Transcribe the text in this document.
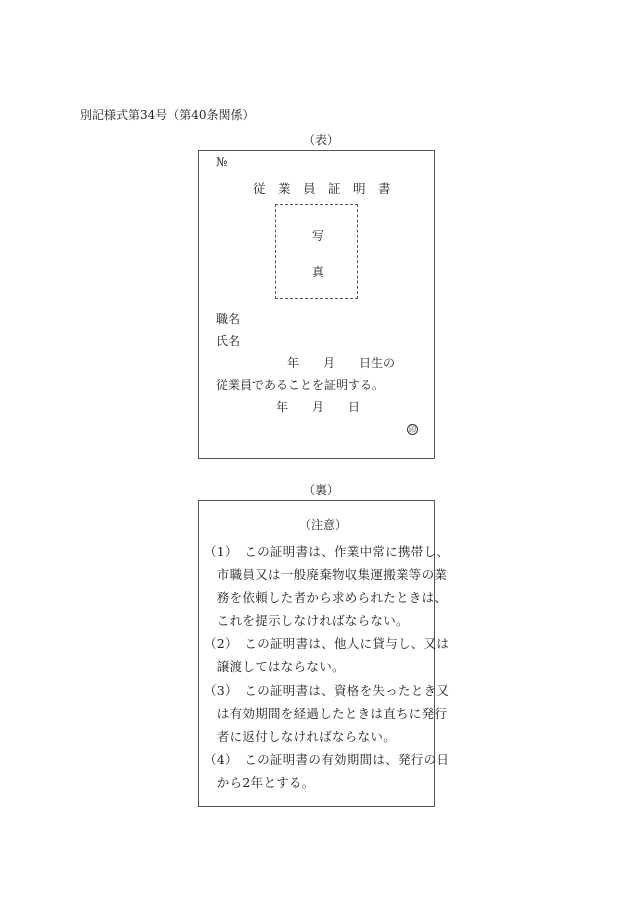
別記様式第34号（第40条関係）
（表）
№
従　業　員　証　明　書
写
真
職名
氏名
年　　月　　日生の
従業員であることを証明する。
年　　月　　日
印
（裏）
（注意）
（1）　この証明書は、作業中常に携帯し、
　市職員又は一般廃棄物収集運搬業等の業
　務を依頼した者から求められたときは、
　これを提示しなければならない。
（2）　この証明書は、他人に貸与し、又は
　譲渡してはならない。
（3）　この証明書は、資格を失ったとき又
　は有効期間を経過したときは直ちに発行
　者に返付しなければならない。
（4）　この証明書の有効期間は、発行の日
　から2年とする。
